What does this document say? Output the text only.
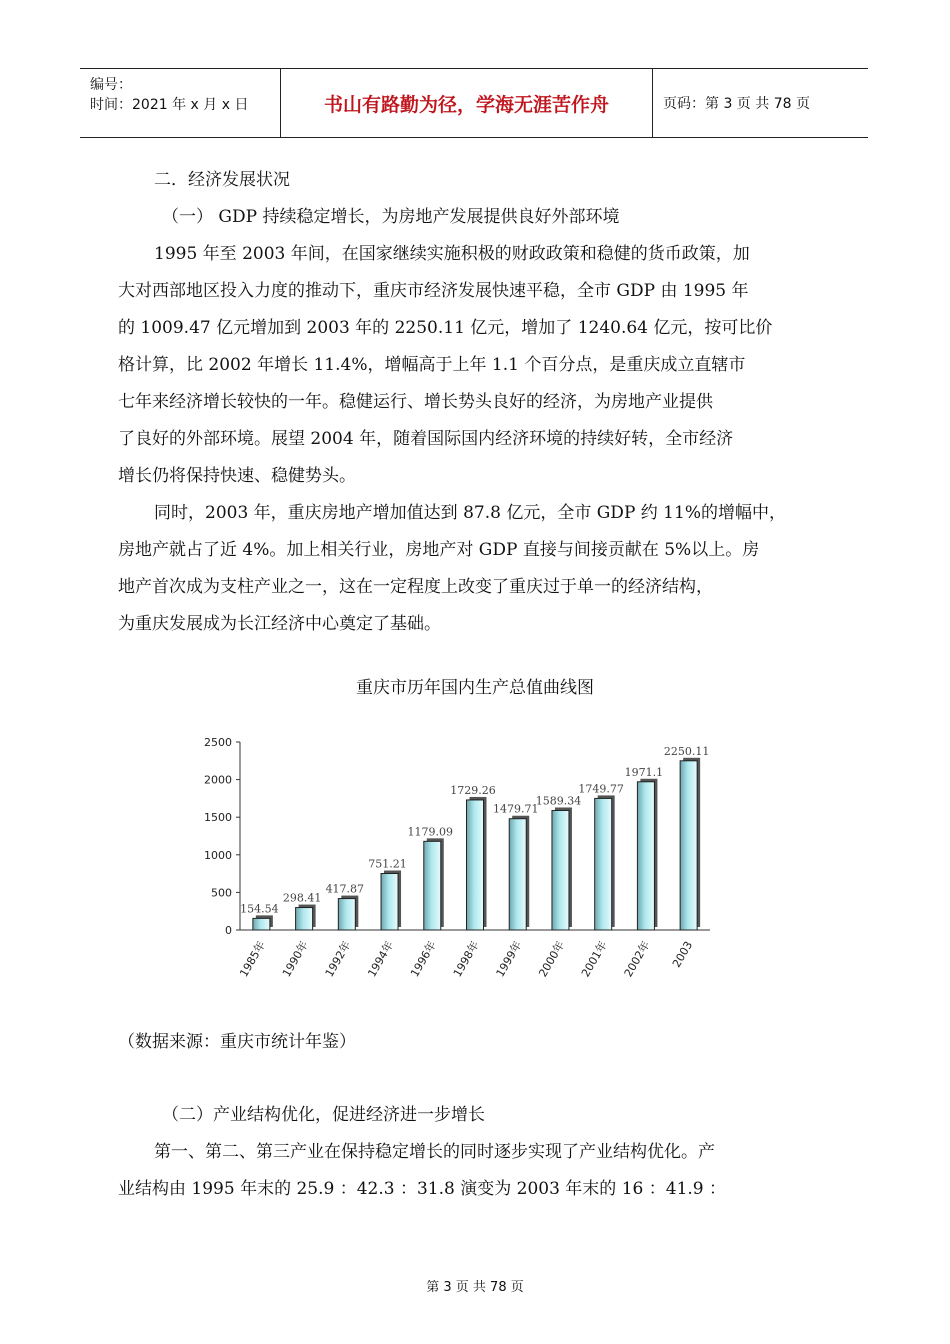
编号：
时间：2021 年 x 月 x 日	书山有路勤为径，学海无涯苦作舟	页码：第 3 页 共 78 页
二．经济发展状况
（一） GDP 持续稳定增长，为房地产发展提供良好外部环境
1995 年至 2003 年间，在国家继续实施积极的财政政策和稳健的货币政策，加
大对西部地区投入力度的推动下，重庆市经济发展快速平稳，全市 GDP 由 1995 年
的 1009.47 亿元增加到 2003 年的 2250.11 亿元，增加了 1240.64 亿元，按可比价
格计算，比 2002 年增长 11.4%，增幅高于上年 1.1 个百分点，是重庆成立直辖市
七年来经济增长较快的一年。稳健运行、增长势头良好的经济，为房地产业提供
了良好的外部环境。展望 2004 年，随着国际国内经济环境的持续好转，全市经济
增长仍将保持快速、稳健势头。
同时，2003 年，重庆房地产增加值达到 87.8 亿元，全市 GDP 约 11%的增幅中，
房地产就占了近 4%。加上相关行业，房地产对 GDP 直接与间接贡献在 5%以上。房
地产首次成为支柱产业之一，这在一定程度上改变了重庆过于单一的经济结构，
为重庆发展成为长江经济中心奠定了基础。
重庆市历年国内生产总值曲线图
0
500
1000
1500
2000
2500
154.54
1985年
298.41
1990年
417.87
1992年
751.21
1994年
1179.09
1996年
1729.26
1998年
1479.71
1999年
1589.34
2000年
1749.77
2001年
1971.1
2002年
2250.11
2003
（数据来源：重庆市统计年鉴）
（二）产业结构优化，促进经济进一步增长
第一、第二、第三产业在保持稳定增长的同时逐步实现了产业结构优化。产
业结构由 1995 年末的 25.9 ：42.3 ：31.8 演变为 2003 年末的 16 ：41.9 ：
第 3 页 共 78 页
